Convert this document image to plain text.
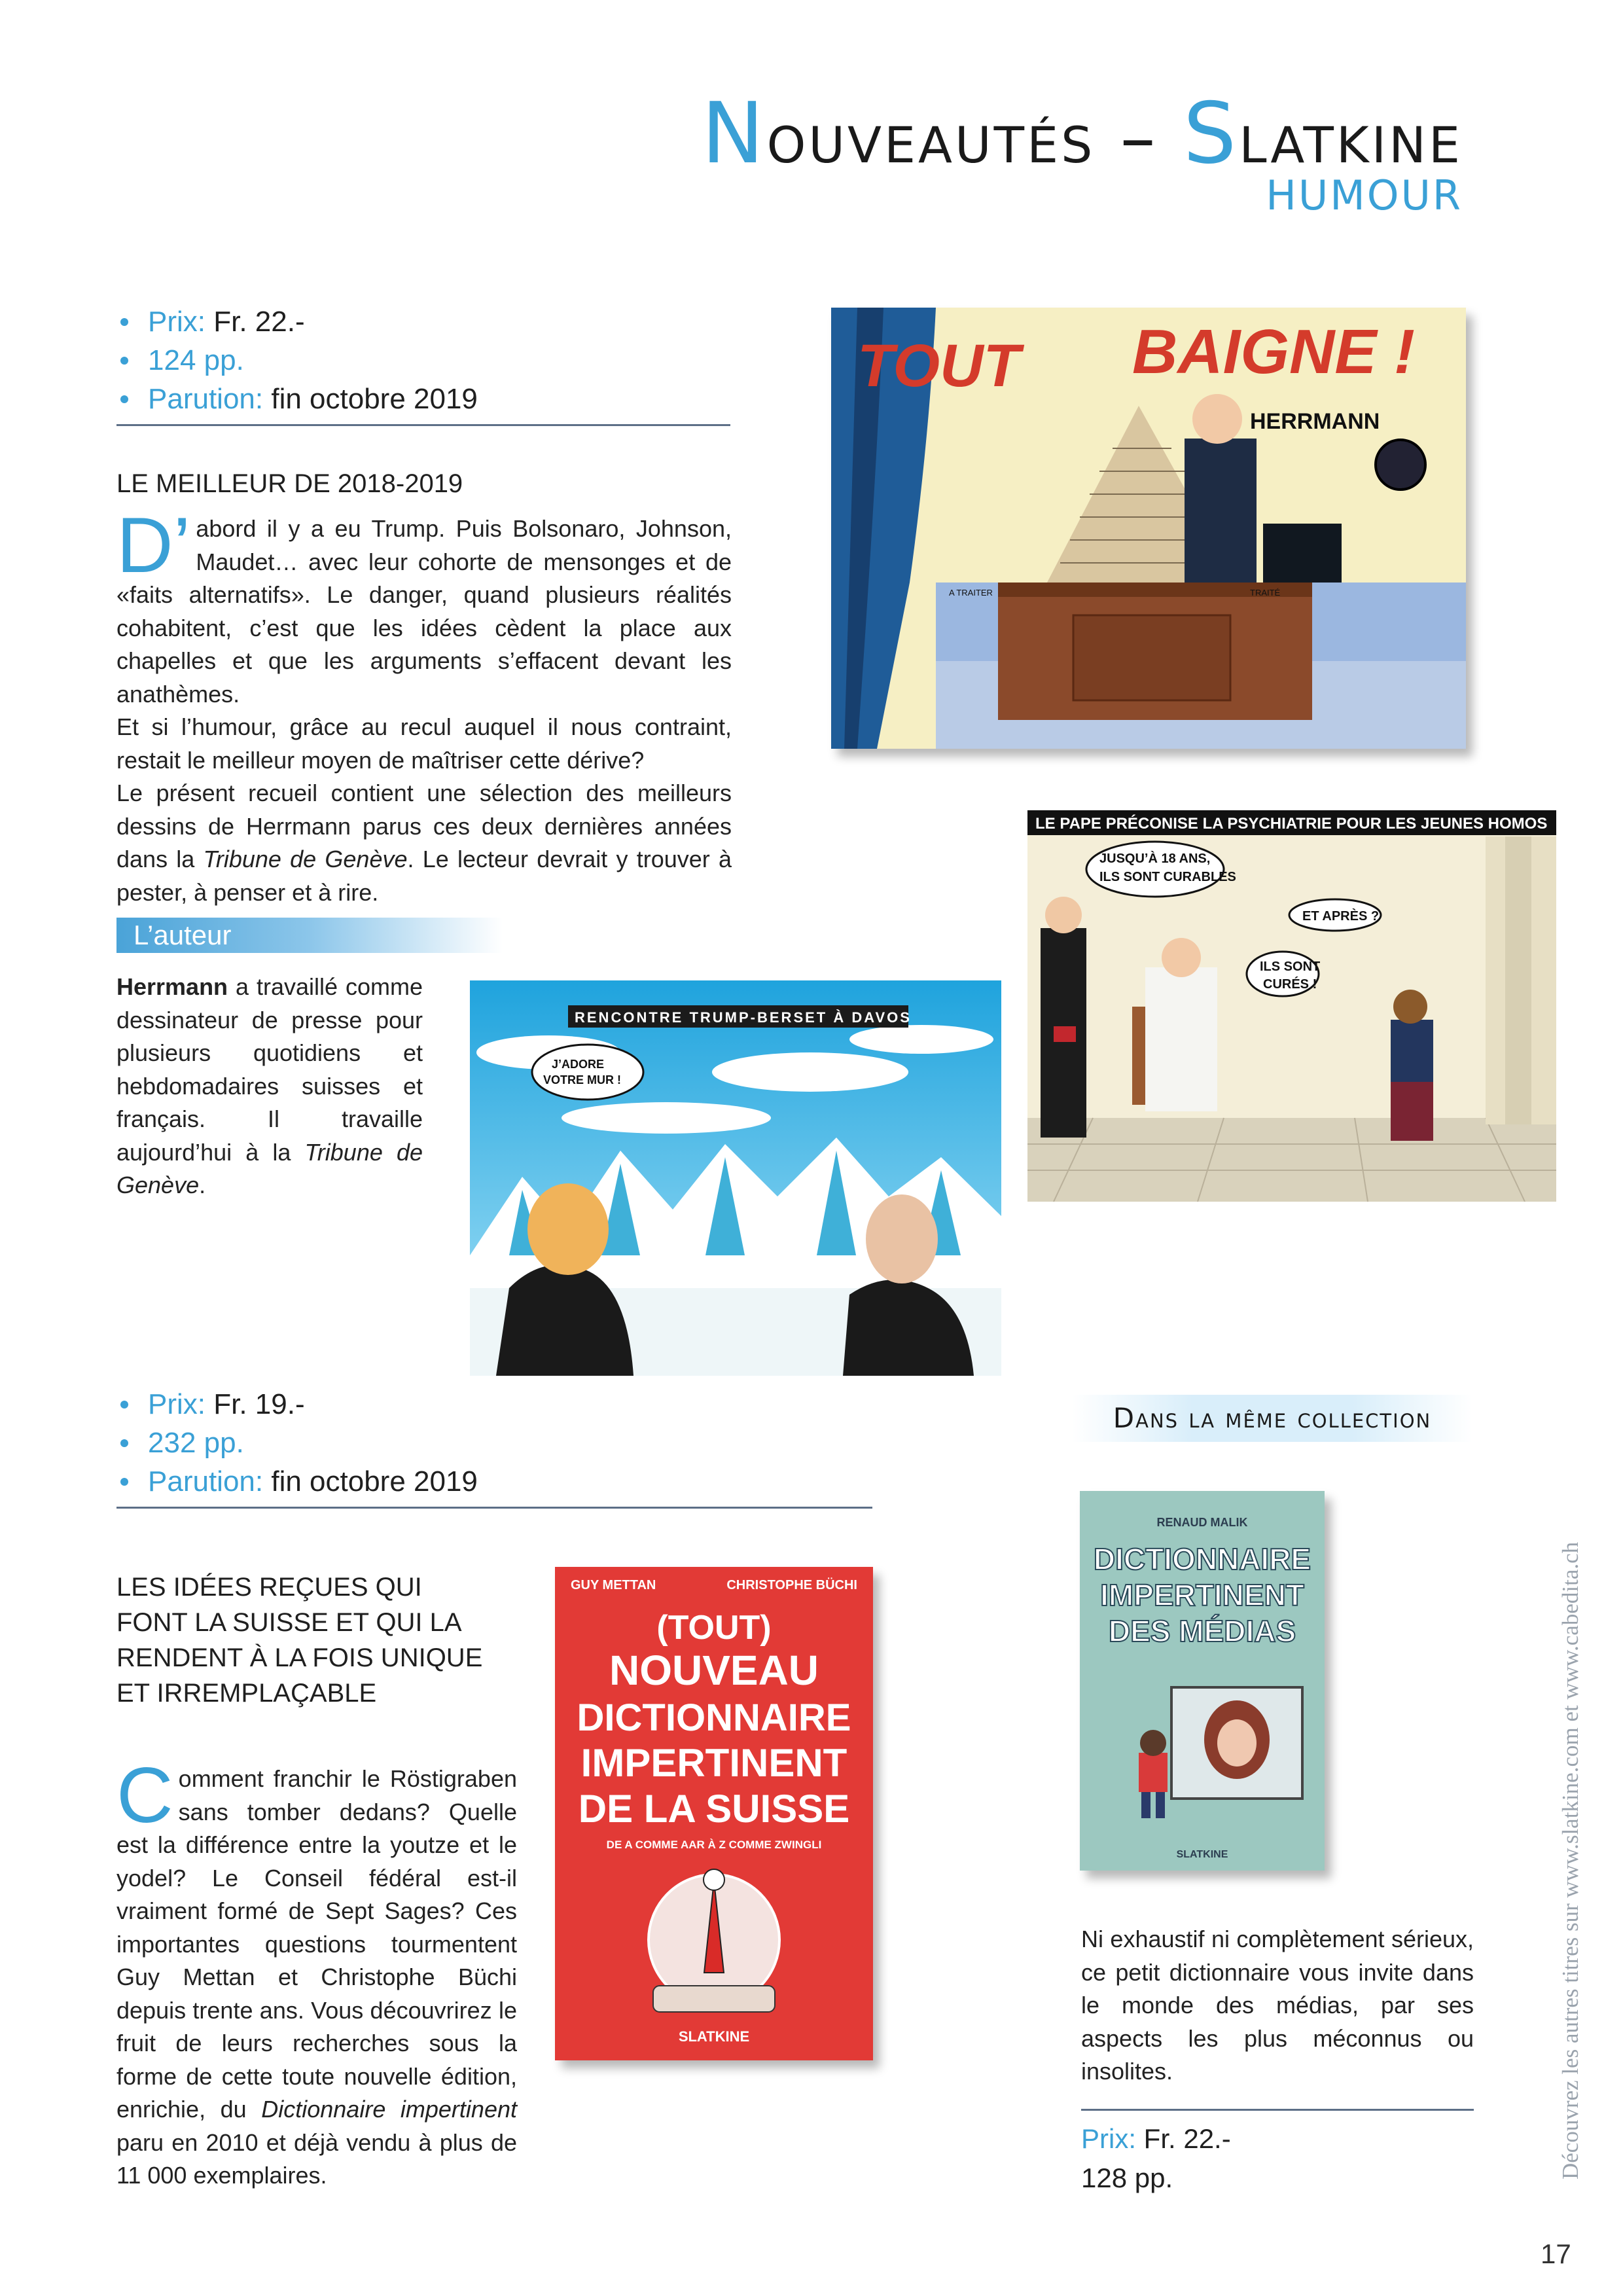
Nouveautés – Slatkine
HUMOUR
Prix: Fr. 22.-
124 pp.
Parution: fin octobre 2019
LE MEILLEUR DE 2018-2019
D’ abord il y a eu Trump. Puis Bolsonaro, Johnson, Maudet… avec leur cohorte de mensonges et de «faits alternatifs». Le danger, quand plusieurs réalités cohabitent, c’est que les idées cèdent la place aux chapelles et que les arguments s’effacent devant les anathèmes.
Et si l’humour, grâce au recul auquel il nous contraint, restait le meilleur moyen de maîtriser cette dérive?
Le présent recueil contient une sélection des meilleurs dessins de Herrmann parus ces deux dernières années dans la Tribune de Genève. Le lecteur devrait y trouver à pester, à penser et à rire.
L’auteur
Herrmann a travaillé comme dessinateur de presse pour plusieurs quotidiens et hebdomadaires suisses et français. Il travaille aujourd’hui à la Tribune de Genève.
TOUT BAIGNE !
HERRMANN
A TRAITER	TRAITÉ
LE PAPE PRÉCONISE LA PSYCHIATRIE POUR LES JEUNES HOMOS
JUSQU’À 18 ANS,
ILS SONT CURABLES
ET APRÈS ?
ILS SONT
CURÉS !
RENCONTRE TRUMP-BERSET À DAVOS
J’ADORE
VOTRE MUR !
Prix: Fr. 19.-
232 pp.
Parution: fin octobre 2019
LES IDÉES REÇUES QUI
FONT LA SUISSE ET QUI LA
RENDENT À LA FOIS UNIQUE
ET IRREMPLAÇABLE
Comment franchir le Röstigraben sans tomber dedans? Quelle est la différence entre la youtze et le yodel? Le Conseil fédéral est-il vraiment formé de Sept Sages? Ces importantes questions tourmentent Guy Mettan et Christophe Büchi depuis trente ans. Vous découvrirez le fruit de leurs recherches sous la forme de cette toute nouvelle édition, enrichie, du Dictionnaire impertinent paru en 2010 et déjà vendu à plus de 11 000 exemplaires.
GUY METTAN	CHRISTOPHE BÜCHI
(TOUT)
NOUVEAU
DICTIONNAIRE
IMPERTINENT
DE LA SUISSE
DE A COMME AAR À Z COMME ZWINGLI
SLATKINE
Dans la même collection
RENAUD MALIK
DICTIONNAIRE
IMPERTINENT
DES MÉDIAS
SLATKINE
Ni exhaustif ni complètement sérieux, ce petit dictionnaire vous invite dans le monde des médias, par ses aspects les plus méconnus ou insolites.
Prix: Fr. 22.-
128 pp.	Découvrez les autres titres sur www.slatkine.com et www.cabedita.ch
17
